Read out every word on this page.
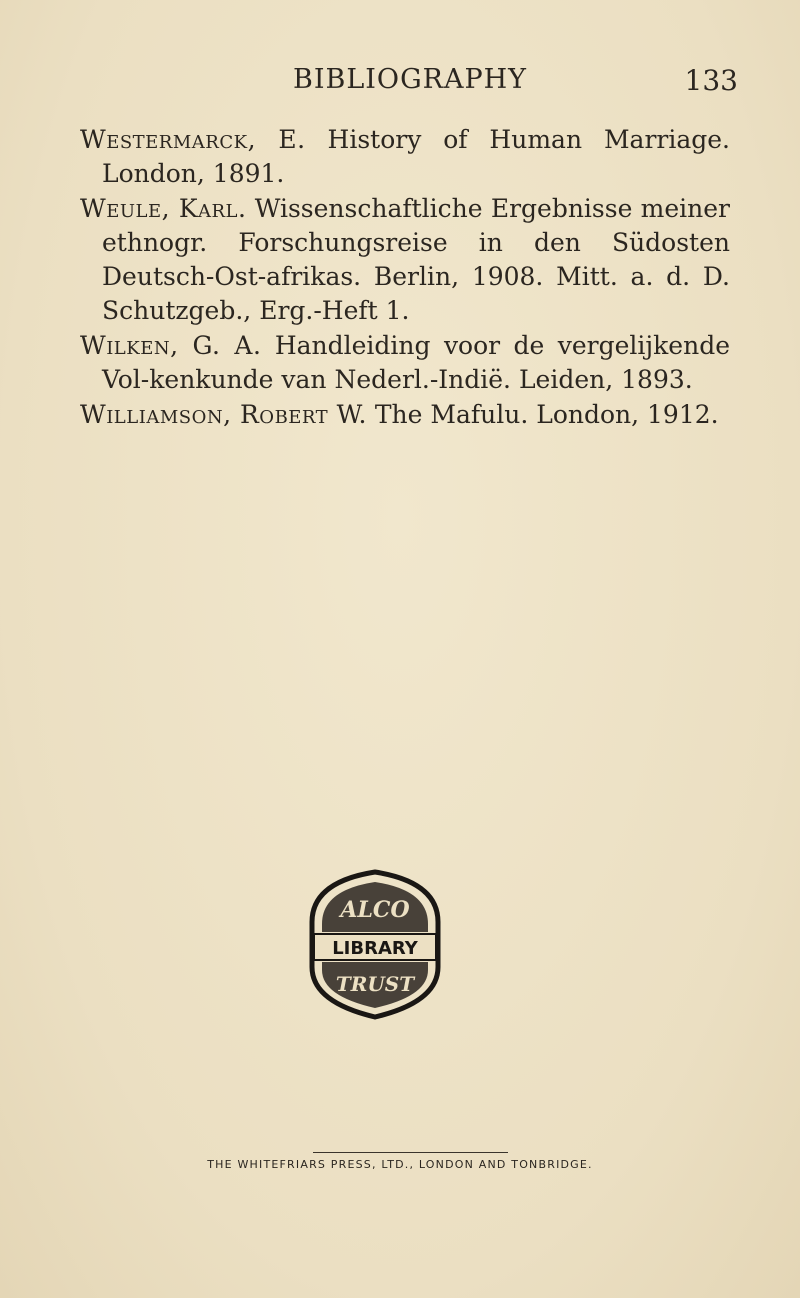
BIBLIOGRAPHY	133

Westermarck, E. History of Human Marriage. London, 1891.

Weule, Karl. Wissenschaftliche Ergebnisse meiner ethnogr. Forschungsreise in den Südosten Deutsch-Ost-afrikas. Berlin, 1908. Mitt. a. d. D. Schutzgeb., Erg.-Heft 1.

Wilken, G. A. Handleiding voor de vergelijkende Vol-kenkunde van Nederl.-Indië. Leiden, 1893.

Williamson, Robert W. The Mafulu. London, 1912.

ALCO
LIBRARY
TRUST
THE WHITEFRIARS PRESS, LTD., LONDON AND TONBRIDGE.
